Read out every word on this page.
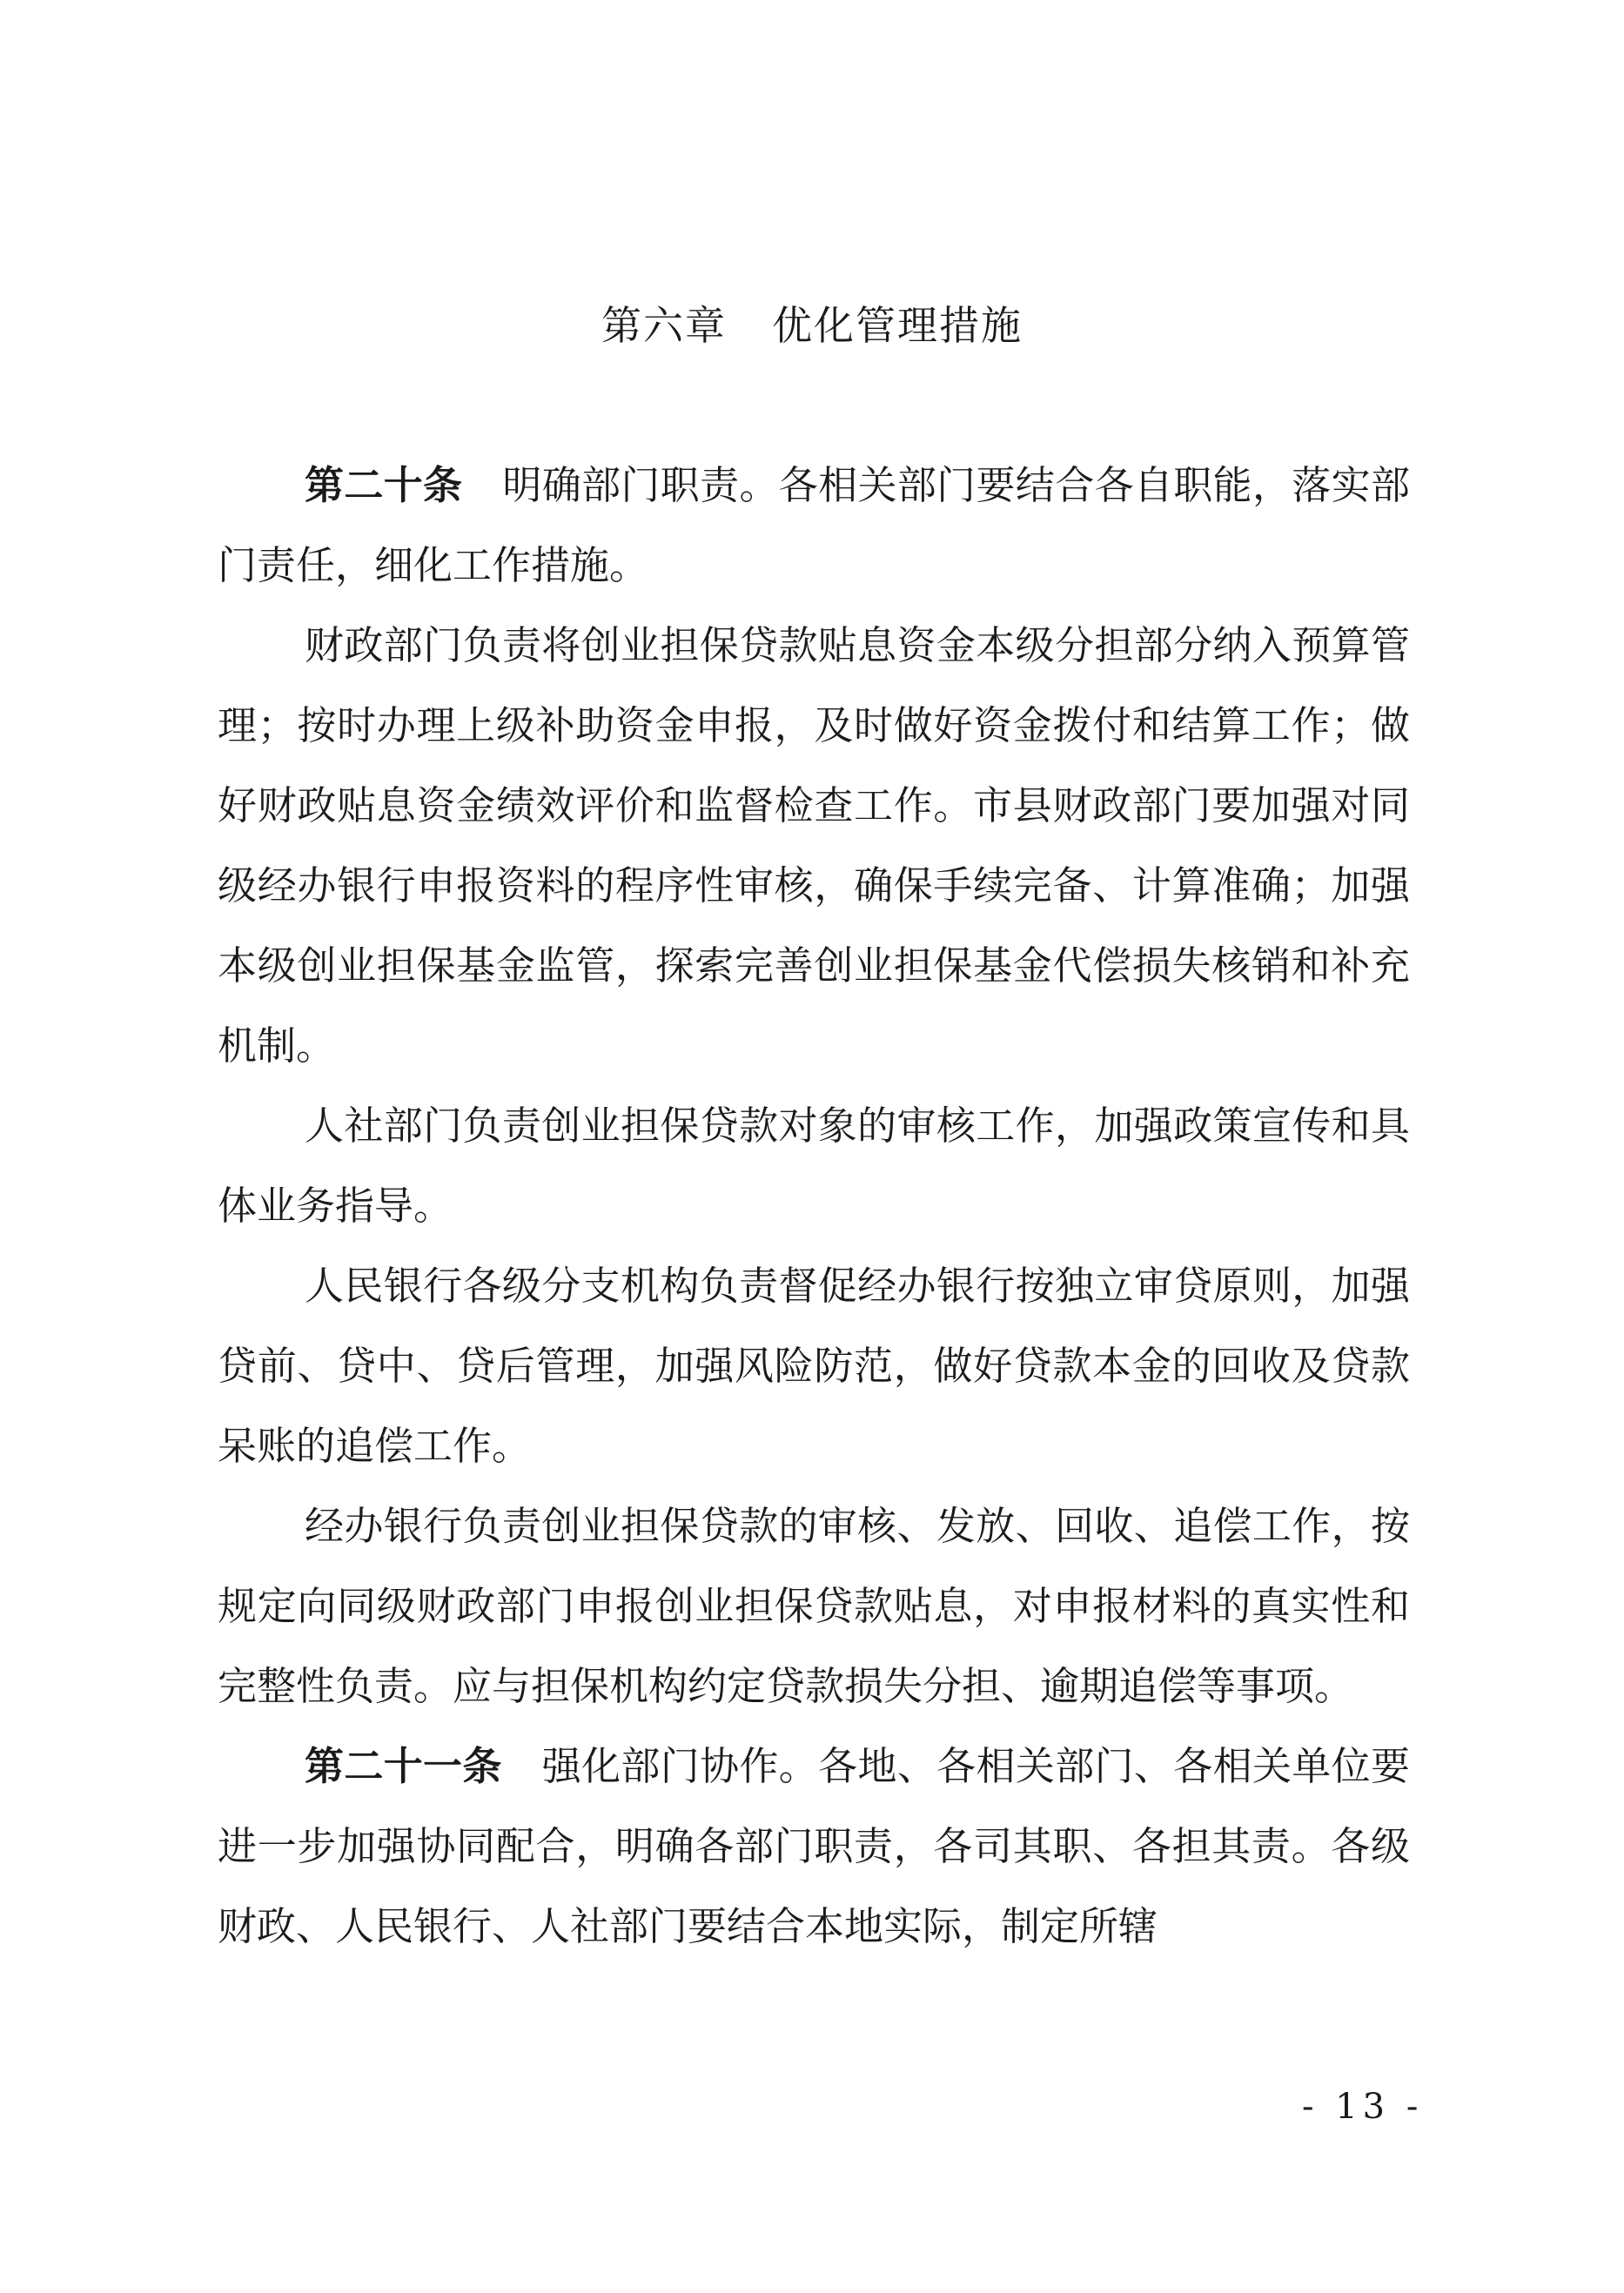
第六章 优化管理措施

第二十条 明确部门职责。各相关部门要结合各自职能，落实部门责任，细化工作措施。

财政部门负责将创业担保贷款贴息资金本级分担部分纳入预算管理；按时办理上级补助资金申报，及时做好资金拨付和结算工作；做好财政贴息资金绩效评价和监督检查工作。市县财政部门要加强对同级经办银行申报资料的程序性审核，确保手续完备、计算准确；加强本级创业担保基金监管，探索完善创业担保基金代偿损失核销和补充机制。

人社部门负责创业担保贷款对象的审核工作，加强政策宣传和具体业务指导。

人民银行各级分支机构负责督促经办银行按独立审贷原则，加强贷前、贷中、贷后管理，加强风险防范，做好贷款本金的回收及贷款呆账的追偿工作。

经办银行负责创业担保贷款的审核、发放、回收、追偿工作，按规定向同级财政部门申报创业担保贷款贴息，对申报材料的真实性和完整性负责。应与担保机构约定贷款损失分担、逾期追偿等事项。

第二十一条 强化部门协作。各地、各相关部门、各相关单位要进一步加强协同配合，明确各部门职责，各司其职、各担其责。各级财政、人民银行、人社部门要结合本地实际，制定所辖

- 13 -
